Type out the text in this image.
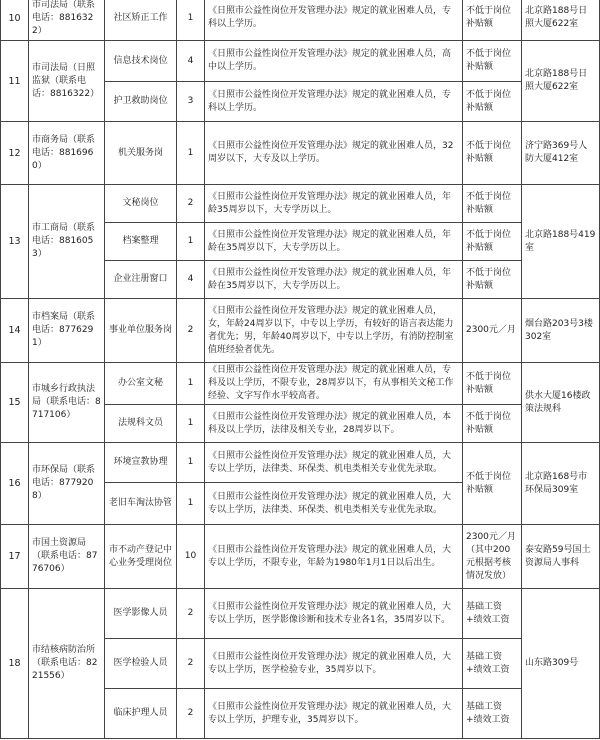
10	市司法局（联系电话：8816322）	社区矫正工作	1	《日照市公益性岗位开发管理办法》规定的就业困难人员，专科以上学历。	不低于岗位补贴额	北京路188号日照大厦622室
11	市司法局（日照监狱（联系电话：8816322）	信息技术岗位	4	《日照市公益性岗位开发管理办法》规定的就业困难人员，高中以上学历。	不低于岗位补贴额	北京路188号日照大厦622室
		护卫救助岗位	3	《日照市公益性岗位开发管理办法》规定的就业困难人员，专科以上学历。	不低于岗位补贴额	
12	市商务局（联系电话：8816960）	机关服务岗	1	《日照市公益性岗位开发管理办法》规定的就业困难人员，32周岁以下，大专及以上学历。	不低于岗位补贴额	济宁路369号人防大厦412室
13	市工商局（联系电话：8816053）	文秘岗位	2	《日照市公益性岗位开发管理办法》规定的就业困难人员，年龄35周岁以下，大专学历以上。	不低于岗位补贴额	北京路188号419室
		档案整理	1	《日照市公益性岗位开发管理办法》规定的就业困难人员，年龄在35周岁以下，大专学历以上。	不低于岗位补贴额	
		企业注册窗口	4	《日照市公益性岗位开发管理办法》规定的就业困难人员，年龄在35周岁以下，大专学历以上。	不低于岗位补贴额	
14	市档案局（联系电话：8776291）	事业单位服务岗	2	《日照市公益性岗位开发管理办法》规定的就业困难人员，女，年龄24周岁以下，中专以上学历，有较好的语言表达能力者优先；男，年龄40周岁以下，中专以上学历，有消防控制室值班经验者优先。	2300元／月	烟台路203号3楼302室
15	市城乡行政执法局（联系电话：8717106）	办公室文秘	1	《日照市公益性岗位开发管理办法》规定的就业困难人员，专科及以上学历，不限专业，28周岁以下，有从事相关文秘工作经验、文字写作水平较高者。	不低于岗位补贴额	供水大厦16楼政策法规科
		法规科文员	1	《日照市公益性岗位开发管理办法》规定的就业困难人员，本科及以上学历，法律及相关专业，28周岁以下。	不低于岗位补贴额	
16	市环保局（联系电话：8779208）	环境宣教协理	1	《日照市公益性岗位开发管理办法》规定的就业困难人员，大专以上学历，法律类、环保类、机电类相关专业优先录取。	不低于岗位补贴额	北京路168号市环保局309室
		老旧车淘汰协管	1	《日照市公益性岗位开发管理办法》规定的就业困难人员，大专以上学历，法律类、环保类、机电类相关专业优先录取。	
17	市国土资源局（联系电话：8776706）	市不动产登记中心业务受理岗位	10	《日照市公益性岗位开发管理办法》规定的就业困难人员，大专以上学历，不限专业，年龄为1980年1月1日以后出生。	2300元／月（其中200元根据考核情况发放）	泰安路59号国土资源局人事科
18	市结核病防治所（联系电话：8221556）	医学影像人员	2	《日照市公益性岗位开发管理办法》规定的就业困难人员，大专以上学历，医学影像诊断和技术专业各1名，35周岁以下。	基础工资+绩效工资	山东路309号
		医学检验人员	2	《日照市公益性岗位开发管理办法》规定的就业困难人员，大专以上学历，医学检验专业，35周岁以下。	基础工资+绩效工资	
		临床护理人员	2	《日照市公益性岗位开发管理办法》规定的就业困难人员，大专以上学历，护理专业，35周岁以下。	基础工资+绩效工资	
